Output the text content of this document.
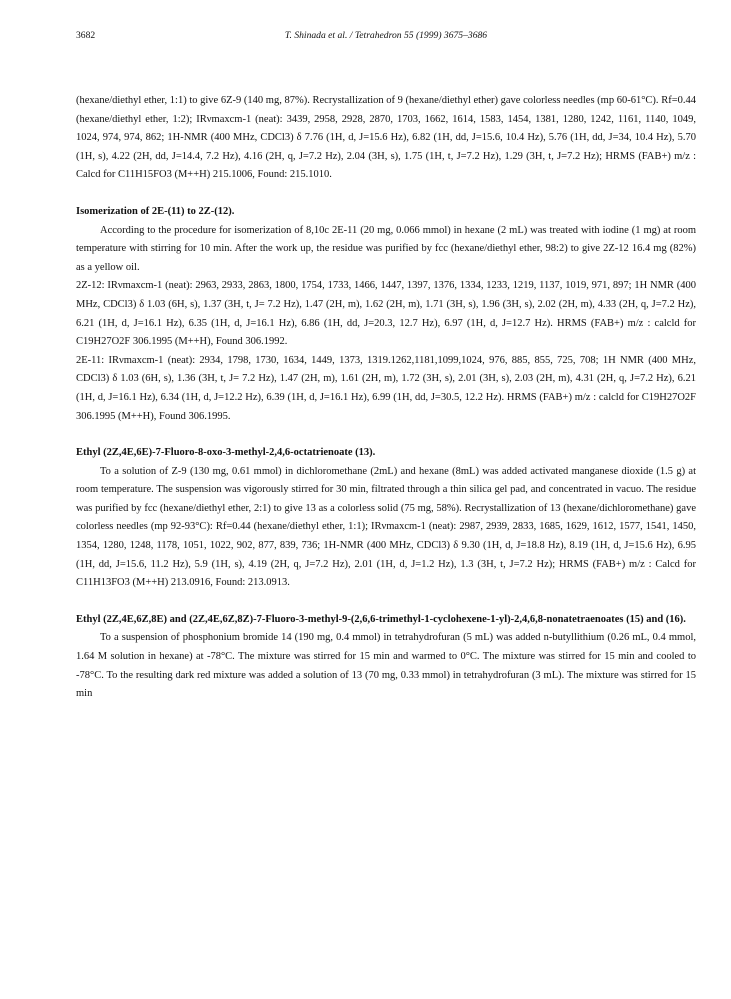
3682	T. Shinada et al. / Tetrahedron 55 (1999) 3675–3686

(hexane/diethyl ether, 1:1) to give 6Z-9 (140 mg, 87%). Recrystallization of 9 (hexane/diethyl ether) gave colorless needles (mp 60-61°C). Rf=0.44 (hexane/diethyl ether, 1:2); IRνmaxcm-1 (neat): 3439, 2958, 2928, 2870, 1703, 1662, 1614, 1583, 1454, 1381, 1280, 1242, 1161, 1140, 1049, 1024, 974, 974, 862; 1H-NMR (400 MHz, CDCl3) δ 7.76 (1H, d, J=15.6 Hz), 6.82 (1H, dd, J=15.6, 10.4 Hz), 5.76 (1H, dd, J=34, 10.4 Hz), 5.70 (1H, s), 4.22 (2H, dd, J=14.4, 7.2 Hz), 4.16 (2H, q, J=7.2 Hz), 2.04 (3H, s), 1.75 (1H, t, J=7.2 Hz), 1.29 (3H, t, J=7.2 Hz); HRMS (FAB+) m/z : Calcd for C11H15FO3 (M++H) 215.1006, Found: 215.1010.

Isomerization of 2E-(11) to 2Z-(12).

According to the procedure for isomerization of 8,10c 2E-11 (20 mg, 0.066 mmol) in hexane (2 mL) was treated with iodine (1 mg) at room temperature with stirring for 10 min. After the work up, the residue was purified by fcc (hexane/diethyl ether, 98:2) to give 2Z-12 16.4 mg (82%) as a yellow oil.

2Z-12: IRνmaxcm-1 (neat): 2963, 2933, 2863, 1800, 1754, 1733, 1466, 1447, 1397, 1376, 1334, 1233, 1219, 1137, 1019, 971, 897; 1H NMR (400 MHz, CDCl3) δ 1.03 (6H, s), 1.37 (3H, t, J= 7.2 Hz), 1.47 (2H, m), 1.62 (2H, m), 1.71 (3H, s), 1.96 (3H, s), 2.02 (2H, m), 4.33 (2H, q, J=7.2 Hz), 6.21 (1H, d, J=16.1 Hz), 6.35 (1H, d, J=16.1 Hz), 6.86 (1H, dd, J=20.3, 12.7 Hz), 6.97 (1H, d, J=12.7 Hz). HRMS (FAB+) m/z : calcld for C19H27O2F 306.1995 (M++H), Found 306.1992.

2E-11: IRνmaxcm-1 (neat): 2934, 1798, 1730, 1634, 1449, 1373, 1319.1262,1181,1099,1024, 976, 885, 855, 725, 708; 1H NMR (400 MHz, CDCl3) δ 1.03 (6H, s), 1.36 (3H, t, J= 7.2 Hz), 1.47 (2H, m), 1.61 (2H, m), 1.72 (3H, s), 2.01 (3H, s), 2.03 (2H, m), 4.31 (2H, q, J=7.2 Hz), 6.21 (1H, d, J=16.1 Hz), 6.34 (1H, d, J=12.2 Hz), 6.39 (1H, d, J=16.1 Hz), 6.99 (1H, dd, J=30.5, 12.2 Hz). HRMS (FAB+) m/z : calcld for C19H27O2F 306.1995 (M++H), Found 306.1995.

Ethyl (2Z,4E,6E)-7-Fluoro-8-oxo-3-methyl-2,4,6-octatrienoate (13).

To a solution of Z-9 (130 mg, 0.61 mmol) in dichloromethane (2mL) and hexane (8mL) was added activated manganese dioxide (1.5 g) at room temperature. The suspension was vigorously stirred for 30 min, filtrated through a thin silica gel pad, and concentrated in vacuo. The residue was purified by fcc (hexane/diethyl ether, 2:1) to give 13 as a colorless solid (75 mg, 58%). Recrystallization of 13 (hexane/dichloromethane) gave colorless needles (mp 92-93°C): Rf=0.44 (hexane/diethyl ether, 1:1); IRνmaxcm-1 (neat): 2987, 2939, 2833, 1685, 1629, 1612, 1577, 1541, 1450, 1354, 1280, 1248, 1178, 1051, 1022, 902, 877, 839, 736; 1H-NMR (400 MHz, CDCl3) δ 9.30 (1H, d, J=18.8 Hz), 8.19 (1H, d, J=15.6 Hz), 6.95 (1H, dd, J=15.6, 11.2 Hz), 5.9 (1H, s), 4.19 (2H, q, J=7.2 Hz), 2.01 (1H, d, J=1.2 Hz), 1.3 (3H, t, J=7.2 Hz); HRMS (FAB+) m/z : Calcd for C11H13FO3 (M++H) 213.0916, Found: 213.0913.

Ethyl (2Z,4E,6Z,8E) and (2Z,4E,6Z,8Z)-7-Fluoro-3-methyl-9-(2,6,6-trimethyl-1-cyclohexene-1-yl)-2,4,6,8-nonatetraenoates (15) and (16).

To a suspension of phosphonium bromide 14 (190 mg, 0.4 mmol) in tetrahydrofuran (5 mL) was added n-butyllithium (0.26 mL, 0.4 mmol, 1.64 M solution in hexane) at -78°C. The mixture was stirred for 15 min and warmed to 0°C. The mixture was stirred for 15 min and cooled to -78°C. To the resulting dark red mixture was added a solution of 13 (70 mg, 0.33 mmol) in tetrahydrofuran (3 mL). The mixture was stirred for 15 min
